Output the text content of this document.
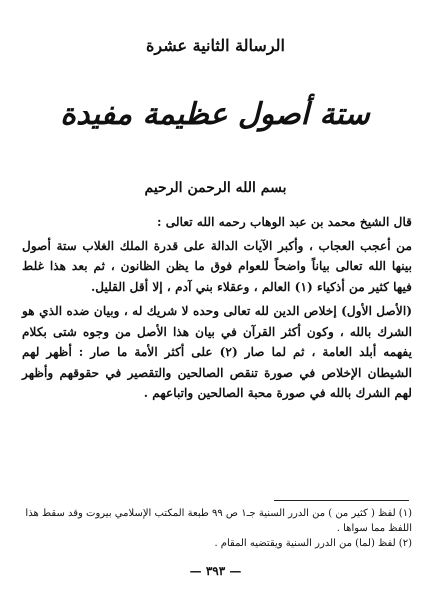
الرسالة الثانية عشرة
ستة أصول عظيمة مفيدة
بسم الله الرحمن الرحيم

قال الشيخ محمد بن عبد الوهاب رحمه الله تعالى :

من أعجب العجاب ، وأكبر الآيات الدالة على قدرة الملك الغلاب ستة أصول بينها الله تعالى بياناً واضحاً للعوام فوق ما يظن الظانون ، ثم بعد هذا غلط فيها كثير من أذكياء (١) العالم ، وعقلاء بني آدم ، إلا أقل القليل.

(الأصل الأول) إخلاص الدين لله تعالى وحده لا شريك له ، وبيان ضده الذي هو الشرك بالله ، وكون أكثر القرآن في بيان هذا الأصل من وجوه شتى بكلام يفهمه أبلد العامة ، ثم لما صار (٢) على أكثر الأمة ما صار : أظهر لهم الشيطان الإخلاص في صورة تنقص الصالحين والتقصير في حقوقهم وأظهر لهم الشرك بالله في صورة محبة الصالحين واتباعهم .

(١) لفظ ( كثير من ) من الدرر السنية جـ١ ص ٩٩ طبعة المكتب الإسلامي بيروت وقد سقط هذا اللفظ مما سواها .

(٢) لفظ (لما) من الدرر السنية ويقتضيه المقام .

— ٣٩٣ —
